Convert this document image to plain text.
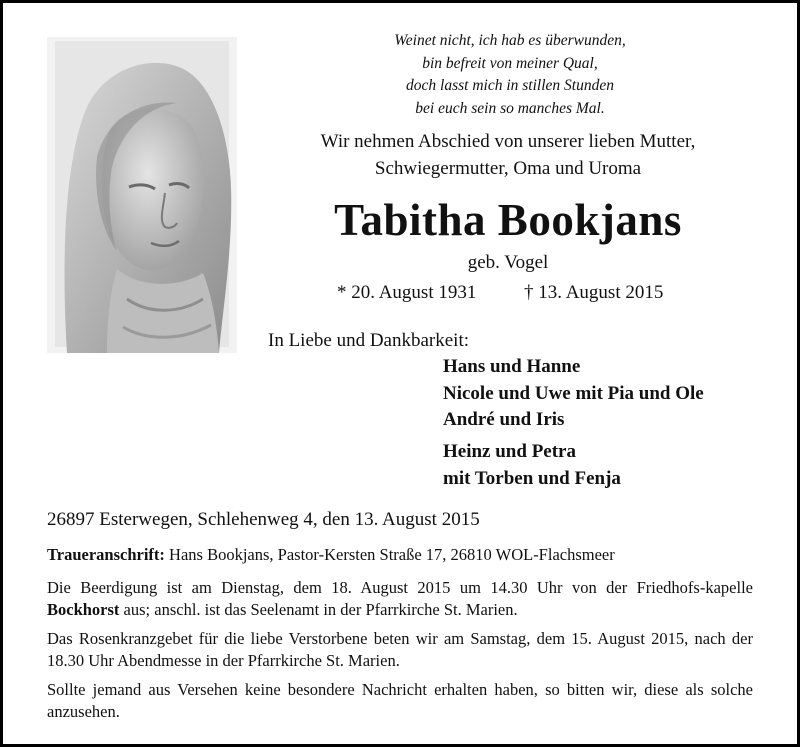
Weinet nicht, ich hab es überwunden,
bin befreit von meiner Qual,
doch lasst mich in stillen Stunden
bei euch sein so manches Mal.
Wir nehmen Abschied von unserer lieben Mutter,
Schwiegermutter, Oma und Uroma
Tabitha Bookjans
geb. Vogel
* 20. August 1931	† 13. August 2015
In Liebe und Dankbarkeit:
Hans und Hanne
Nicole und Uwe mit Pia und Ole
André und Iris
Heinz und Petra
mit Torben und Fenja
26897 Esterwegen, Schlehenweg 4, den 13. August 2015
Traueranschrift: Hans Bookjans, Pastor-Kersten Straße 17, 26810 WOL-Flachsmeer
Die Beerdigung ist am Dienstag, dem 18. August 2015 um 14.30 Uhr von der Friedhofs-kapelle Bockhorst aus; anschl. ist das Seelenamt in der Pfarrkirche St. Marien.
Das Rosenkranzgebet für die liebe Verstorbene beten wir am Samstag, dem 15. August 2015, nach der 18.30 Uhr Abendmesse in der Pfarrkirche St. Marien.
Sollte jemand aus Versehen keine besondere Nachricht erhalten haben, so bitten wir, diese als solche anzusehen.
